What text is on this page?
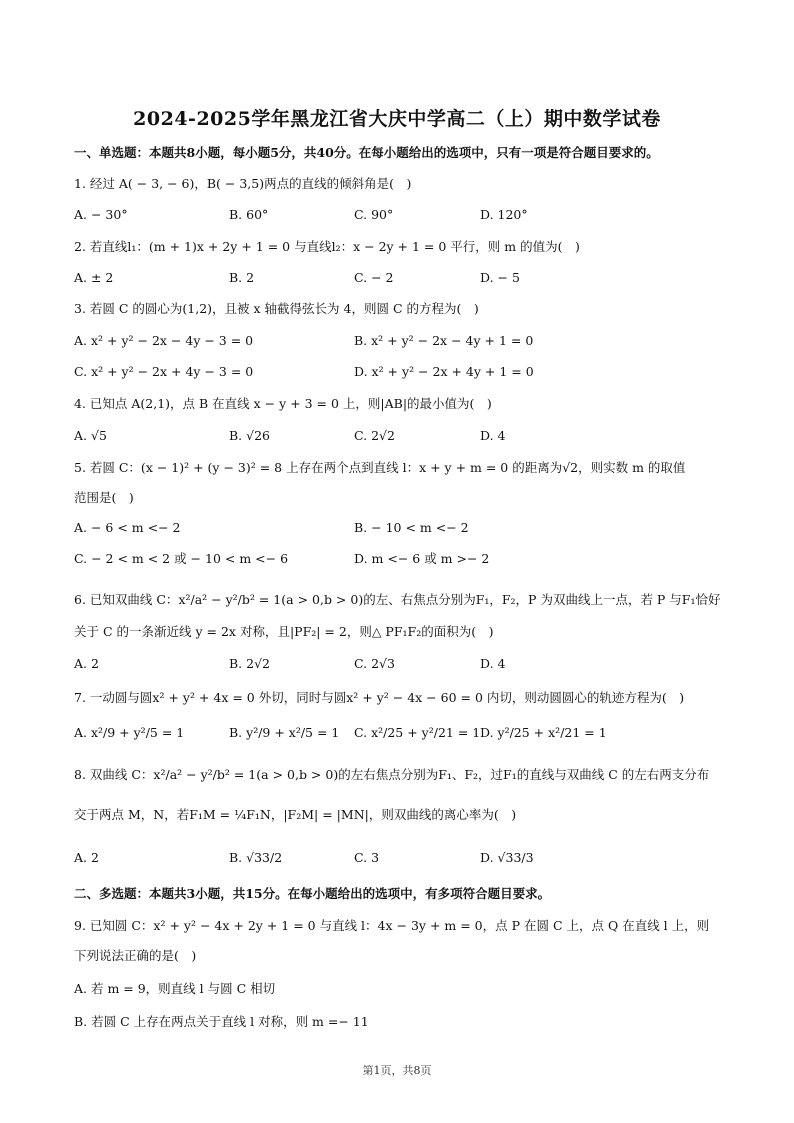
2024-2025学年黑龙江省大庆中学高二（上）期中数学试卷
一、单选题：本题共8小题，每小题5分，共40分。在每小题给出的选项中，只有一项是符合题目要求的。
1. 经过 A( − 3, − 6)，B( − 3,5)两点的直线的倾斜角是(　)
A. − 30°	B. 60°	C. 90°	D. 120°
2. 若直线l₁：(m + 1)x + 2y + 1 = 0 与直线l₂：x − 2y + 1 = 0 平行，则 m 的值为(　)
A. ± 2	B. 2	C. − 2	D. − 5
3. 若圆 C 的圆心为(1,2)，且被 x 轴截得弦长为 4，则圆 C 的方程为(　)
A. x² + y² − 2x − 4y − 3 = 0	B. x² + y² − 2x − 4y + 1 = 0
C. x² + y² − 2x + 4y − 3 = 0	D. x² + y² − 2x + 4y + 1 = 0
4. 已知点 A(2,1)，点 B 在直线 x − y + 3 = 0 上，则|AB|的最小值为(　)
A. √5	B. √26	C. 2√2	D. 4
5. 若圆 C：(x − 1)² + (y − 3)² = 8 上存在两个点到直线 l：x + y + m = 0 的距离为√2，则实数 m 的取值
范围是(　)
A. − 6 < m <− 2	B. − 10 < m <− 2
C. − 2 < m < 2 或 − 10 < m <− 6	D. m <− 6 或 m >− 2
6. 已知双曲线 C：x²/a² − y²/b² = 1(a > 0,b > 0)的左、右焦点分别为F₁，F₂，P 为双曲线上一点，若 P 与F₁恰好
关于 C 的一条渐近线 y = 2x 对称，且|PF₂| = 2，则△ PF₁F₂的面积为(　)
A. 2	B. 2√2	C. 2√3	D. 4
7. 一动圆与圆x² + y² + 4x = 0 外切，同时与圆x² + y² − 4x − 60 = 0 内切，则动圆圆心的轨迹方程为(　)
A. x²/9 + y²/5 = 1	B. y²/9 + x²/5 = 1 C. x²/25 + y²/21 = 1 D. y²/25 + x²/21 = 1
8. 双曲线 C：x²/a² − y²/b² = 1(a > 0,b > 0)的左右焦点分别为F₁、F₂，过F₁的直线与双曲线 C 的左右两支分布
交于两点 M，N，若F₁M = ¼F₁N，|F₂M| = |MN|，则双曲线的离心率为(　)
A. 2	B. √33/2	C. 3	D. √33/3
二、多选题：本题共3小题，共15分。在每小题给出的选项中，有多项符合题目要求。
9. 已知圆 C：x² + y² − 4x + 2y + 1 = 0 与直线 l：4x − 3y + m = 0，点 P 在圆 C 上，点 Q 在直线 l 上，则
下列说法正确的是(　)
A. 若 m = 9，则直线 l 与圆 C 相切
B. 若圆 C 上存在两点关于直线 l 对称，则 m =− 11
第1页，共8页
